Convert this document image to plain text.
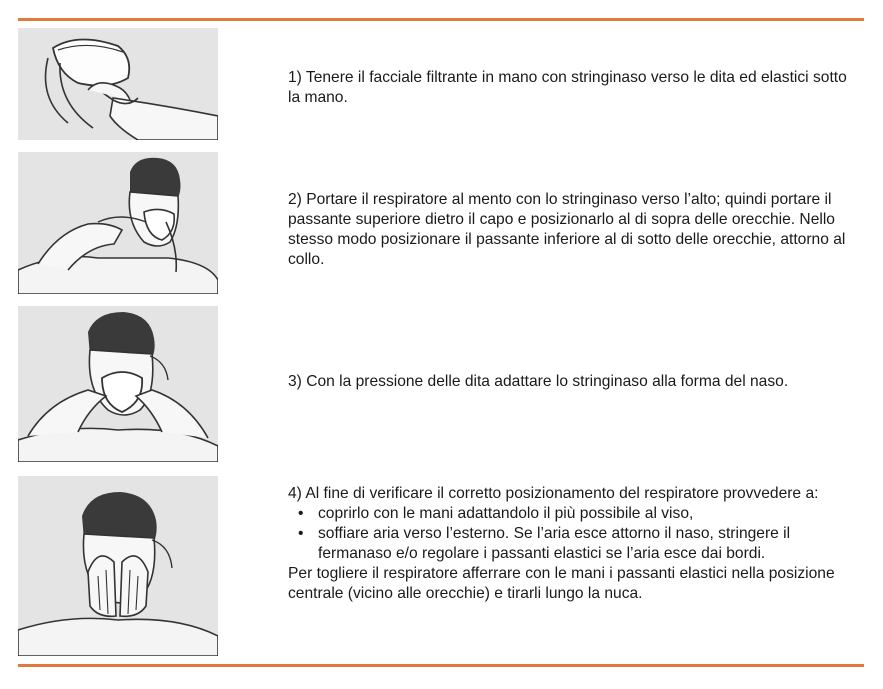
1) Tenere il facciale filtrante in mano con stringinaso verso le dita ed elastici sotto la mano.

2) Portare il respiratore al mento con lo stringinaso verso l’alto; quindi portare il passante superiore dietro il capo e posizionarlo al di sopra delle orecchie. Nello stesso modo posizionare il passante inferiore al di sotto delle orecchie, attorno al collo.

3) Con la pressione delle dita adattare lo stringinaso alla forma del naso.

4) Al fine di verificare il corretto posizionamento del respiratore provvedere a:

• coprirlo con le mani adattandolo il più possibile al viso,
• soffiare aria verso l’esterno. Se l’aria esce attorno il naso, stringere il fermanaso e/o regolare i passanti elastici se l’aria esce dai bordi.

Per togliere il respiratore afferrare con le mani i passanti elastici nella posizione centrale (vicino alle orecchie) e tirarli lungo la nuca.
